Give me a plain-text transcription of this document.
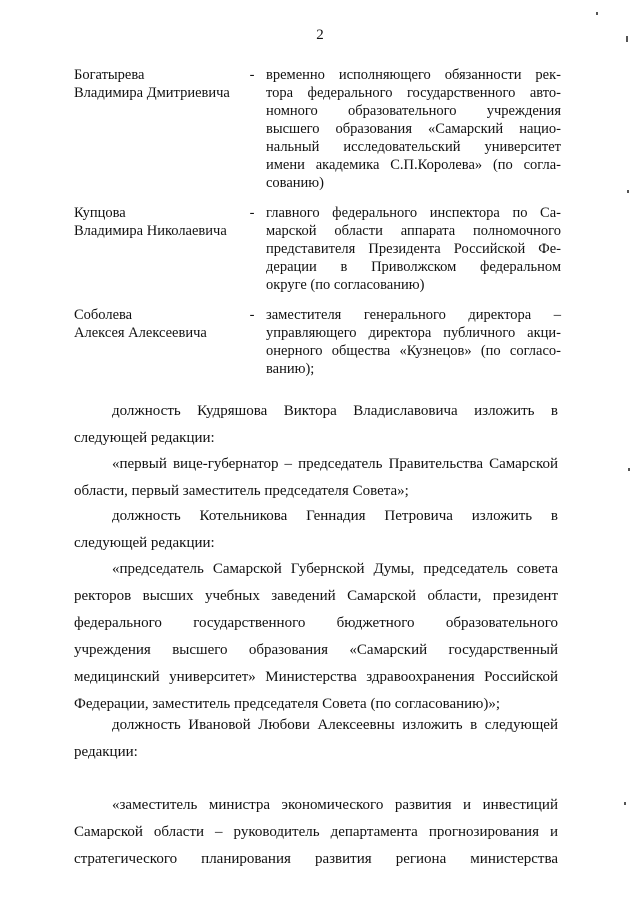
2
Богатырева
Владимира Дмитриевича
- временно исполняющего обязанности рек-
тора федерального государственного авто-
номного образовательного учреждения
высшего образования «Самарский нацио-
нальный исследовательский университет
имени академика С.П.Королева» (по согла-
сованию)
Купцова
Владимира Николаевича
- главного федерального инспектора по Са-
марской области аппарата полномочного
представителя Президента Российской Фе-
дерации в Приволжском федеральном
округе (по согласованию)
Соболева
Алексея Алексеевича
- заместителя генерального директора –
управляющего директора публичного акци-
онерного общества «Кузнецов» (по согласо-
ванию);
должность Кудряшова Виктора Владиславовича изложить в
следующей редакции:
«первый вице-губернатор – председатель Правительства Самарской
области, первый заместитель председателя Совета»;
должность Котельникова Геннадия Петровича изложить в
следующей редакции:
«председатель Самарской Губернской Думы, председатель совета
ректоров высших учебных заведений Самарской области, президент
федерального государственного бюджетного образовательного
учреждения высшего образования «Самарский государственный
медицинский университет» Министерства здравоохранения Российской
Федерации, заместитель председателя Совета (по согласованию)»;
должность Ивановой Любови Алексеевны изложить в следующей
редакции:
«заместитель министра экономического развития и инвестиций
Самарской области – руководитель департамента прогнозирования и
стратегического планирования развития региона министерства
